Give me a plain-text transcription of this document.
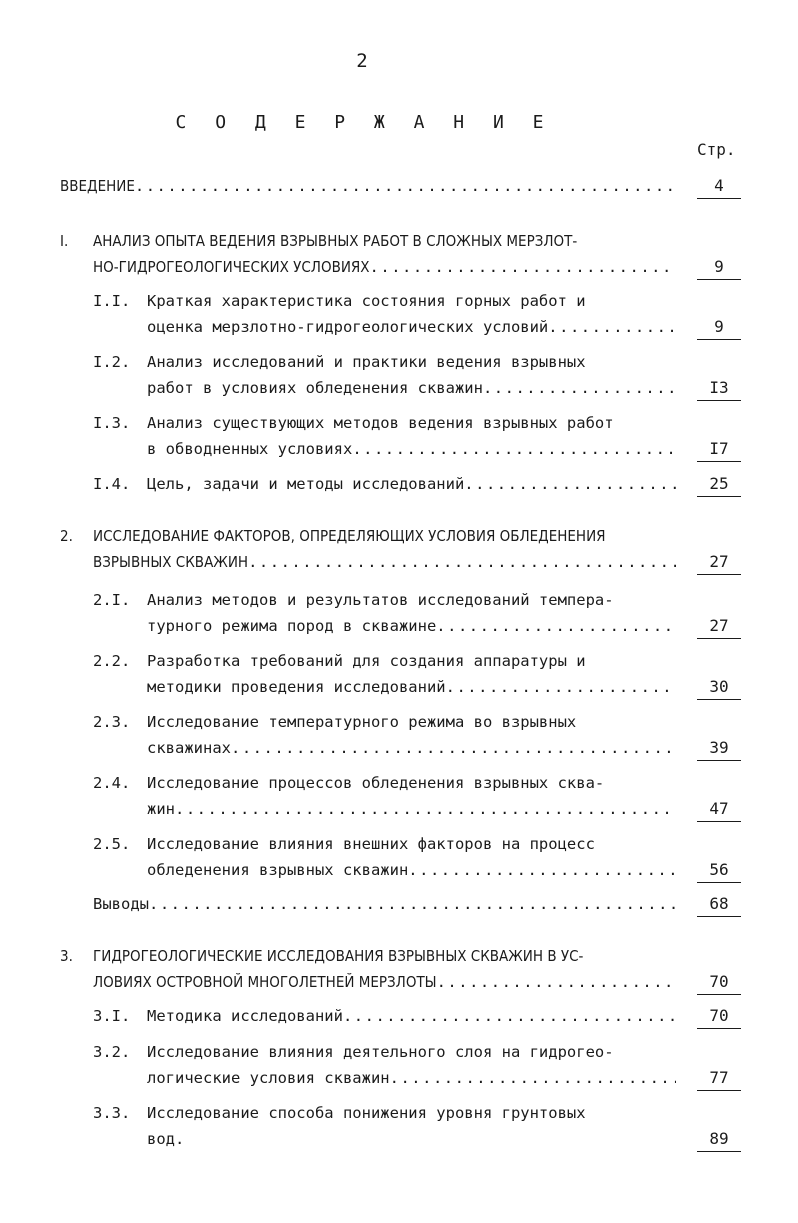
2
С О Д Е Р Ж А Н И Е
Стр.
ВВЕДЕНИЕ .....	4
I. АНАЛИЗ ОПЫТА ВЕДЕНИЯ ВЗРЫВНЫХ РАБОТ В СЛОЖНЫХ МЕРЗЛОТ-
НО-ГИДРОГЕОЛОГИЧЕСКИХ УСЛОВИЯХ .....	9
I.I. Краткая характеристика состояния горных работ и
оценка мерзлотно-гидрогеологических условий .....	9
I.2. Анализ исследований и практики ведения взрывных
работ в условиях обледенения скважин .....	I3
I.3. Анализ существующих методов ведения взрывных работ
в обводненных условиях .....	I7
I.4. Цель, задачи и методы исследований .....	25
2. ИССЛЕДОВАНИЕ ФАКТОРОВ, ОПРЕДЕЛЯЮЩИХ УСЛОВИЯ ОБЛЕДЕНЕНИЯ
ВЗРЫВНЫХ СКВАЖИН .....	27
2.I. Анализ методов и результатов исследований темпера-
турного режима пород в скважине .....	27
2.2. Разработка требований для создания аппаратуры и
методики проведения исследований .....	30
2.3. Исследование температурного режима во взрывных
скважинах .....	39
2.4. Исследование процессов обледенения взрывных сква-
жин .....	47
2.5. Исследование влияния внешних факторов на процесс
обледенения взрывных скважин .....	56
Выводы .....	68
3. ГИДРОГЕОЛОГИЧЕСКИЕ ИССЛЕДОВАНИЯ ВЗРЫВНЫХ СКВАЖИН В УС-
ЛОВИЯХ ОСТРОВНОЙ МНОГОЛЕТНЕЙ МЕРЗЛОТЫ .....	70
3.I. Методика исследований .....	70
3.2. Исследование влияния деятельного слоя на гидрогео-
логические условия скважин .....	77
3.3. Исследование способа понижения уровня грунтовых
вод.	89
